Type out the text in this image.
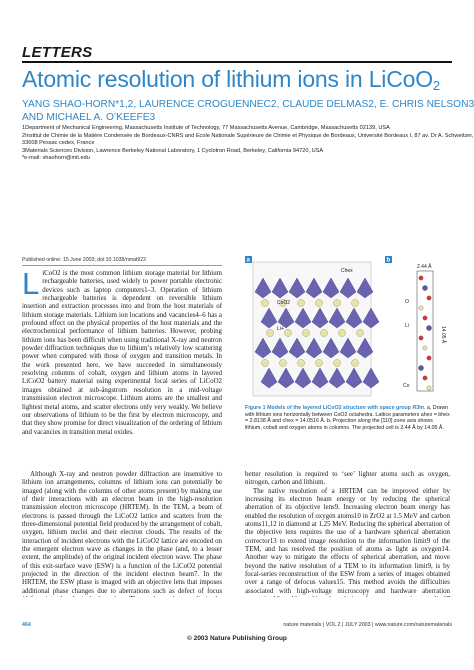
LETTERS
Atomic resolution of lithium ions in LiCoO$_2$
YANG SHAO-HORN*1,2, LAURENCE CROGUENNEC2, CLAUDE DELMAS2, E. CHRIS NELSON3
AND MICHAEL A. O’KEEFE3
1Department of Mechanical Engineering, Massachusetts Institute of Technology, 77 Massachusetts Avenue, Cambridge, Massachusetts 02139, USA
2Institut de Chimie de la Matière Condensée de Bordeaux-CNRS and Ecole Nationale Supérieure de Chimie et Physique de Bordeaux, Université Bordeaux I, 87 av. Dr A. Schweitzer,
33608 Pessac cedex, France
3Materials Sciences Division, Lawrence Berkeley National Laboratory, 1 Cyclotron Road, Berkeley, California 94720, USA
*e-mail: shaohorn@mit.edu
Published online: 15 June 2003; doi:10.1038/nmat922
L iCoO2 is the most common lithium storage material for lithium rechargeable batteries, used widely to power portable electronic devices such as laptop computers1–3. Operation of lithium rechargeable batteries is dependent on reversible lithium insertion and extraction processes into and from the host materials of lithium storage materials. Lithium ion locations and vacancies4–6 has a profound effect on the physical properties of the host materials and the electrochemical performance of lithium batteries. However, probing lithium ions has been difficult when using traditional X-ray and neutron powder diffraction techniques due to lithium’s relatively low scattering power when compared with those of oxygen and transition metals. In the work presented here, we have succeeded in simultaneously resolving columns of cobalt, oxygen and lithium atoms in layered LiCoO2 battery material using experimental focal series of LiCoO2 images obtained at sub-ångstrom resolution in a mid-voltage transmission electron microscope. Lithium atoms are the smallest and lightest metal atoms, and scatter electrons only very weakly. We believe our observations of lithium to be the first by electron microscopy, and that they show promise for direct visualization of the ordering of lithium and vacancies in transition metal oxides.

Although X-ray and neutron powder diffraction are insensitive to lithium ion arrangements, columns of lithium ions can potentially be imaged (along with the columns of other atoms present) by making use of their interactions with an electron beam in the high-resolution transmission electron microscope (HRTEM). In the TEM, a beam of electrons is passed through the LiCoO2 lattice and scatters from the three-dimensional potential field produced by the arrangement of cobalt, oxygen, lithium nuclei and their electron clouds. The results of the interaction of incident electrons with the LiCoO2 lattice are encoded on the emergent electron wave as changes in the phase (and, to a lesser extent, the amplitude) of the original incident electron wave. The phase of this exit-surface wave (ESW) is a function of the LiCoO2 potential projected in the direction of the incident electron beam7. In the HRTEM, the ESW phase is imaged with an objective lens that imposes additional phase changes due to aberrations such as defect of focus

better resolution is required to ‘see’ lighter atoms such as oxygen, nitrogen, carbon and lithium.

The native resolution of a HRTEM can be improved either by increasing its electron beam energy or by reducing the spherical aberration of its objective lens9. Increasing electron beam energy has enabled the resolution of oxygen atoms10 in ZrO2 at 1.5 MeV and carbon atoms11,12 in diamond at 1.25 MeV. Reducing the spherical aberration of the objective lens requires the use of a hardware spherical aberration corrector13 to extend image resolution to the information limit9 of the TEM, and has resolved the position of atoms as light as oxygen14. Another way to mitigate the effects of spherical aberration, and move beyond the native resolution of a TEM to its information limit9, is by focal-series reconstruction of the ESW from a series of images obtained over a range of defocus values15. This method avoids the difficulties associated with high-voltage microscopy and hardware aberration

a	b
Chex
CoO2
Li+
2.44 Å
14.05 Å
O
Li
Co
Figure 1 Models of the layered LiCoO2 structure with space group R3̄m. a, Drawn with lithium ions horizontally between CoO2 octahedra. Lattice parameters ahex = bhex = 2.8138 Å and chex = 14.0516 Å. b, Projection along the [110] zone axis shows lithium, cobalt and oxygen atoms in columns. The projected cell is 2.44 Å by 14.05 Å.
464	nature materials | VOL 2 | JULY 2003 | www.nature.com/naturematerials
© 2003 Nature Publishing Group
